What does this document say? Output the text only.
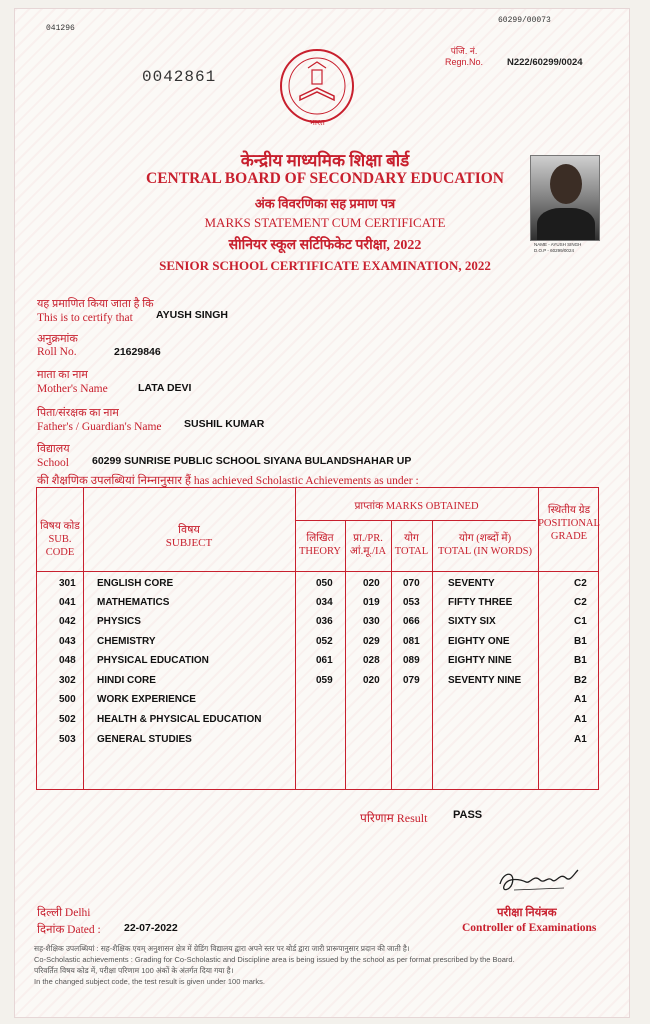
041296
60299/00073
0042861
पंजि. नं.
Regn.No.	N222/60299/0024
भारत
NAME - AYUSH SINGH
D.O.P - 60299/0024
केन्द्रीय माध्यमिक शिक्षा बोर्ड
CENTRAL BOARD OF SECONDARY EDUCATION
अंक विवरणिका सह प्रमाण पत्र
MARKS STATEMENT CUM CERTIFICATE
सीनियर स्कूल सर्टिफिकेट परीक्षा, 2022
SENIOR SCHOOL CERTIFICATE EXAMINATION, 2022
यह प्रमाणित किया जाता है कि
This is to certify that AYUSH SINGH
अनुक्रमांक
Roll No.	21629846
माता का नाम
Mother's Name	LATA DEVI
पिता/संरक्षक का नाम
Father's / Guardian's Name SUSHIL KUMAR
विद्यालय
School 60299 SUNRISE PUBLIC SCHOOL SIYANA BULANDSHAHAR UP
की शैक्षणिक उपलब्धियां निम्नानुसार हैं has achieved Scholastic Achievements as under :
विषय कोड
SUB.
CODE
विषय
SUBJECT
प्राप्तांक MARKS OBTAINED
लिखित
THEORY
प्रा./PR.
आं.मू./IA
योग
TOTAL
योग (शब्दों में)
TOTAL (IN WORDS)
स्थितीय ग्रेड
POSITIONAL
GRADE
301 ENGLISH CORE	050	020 070	SEVENTY	C2
041 MATHEMATICS	034	019 053	FIFTY THREE	C2
042 PHYSICS	036	030 066	SIXTY SIX	C1
043 CHEMISTRY	052	029 081	EIGHTY ONE	B1
048 PHYSICAL EDUCATION	061	028 089	EIGHTY NINE	B1
302 HINDI CORE	059	020 079	SEVENTY NINE	B2
500 WORK EXPERIENCE	A1
502 HEALTH & PHYSICAL EDUCATION	A1
503 GENERAL STUDIES	A1
परिणाम Result PASS
दिल्ली Delhi
दिनांक Dated : 22-07-2022
परीक्षा नियंत्रक
Controller of Examinations
सह-शैक्षिक उपलब्धियां : सह-शैक्षिक एवम् अनुशासन क्षेत्र में ग्रेडिंग विद्यालय द्वारा अपने स्तर पर बोर्ड द्वारा जारी प्रारूपानुसार प्रदान की जाती है।
Co-Scholastic achievements : Grading for Co-Scholastic and Discipline area is being issued by the school as per format prescribed by the Board.
परिवर्तित विषय कोड में, परीक्षा परिणाम 100 अंकों के अंतर्गत दिया गया है।
In the changed subject code, the test result is given under 100 marks.
